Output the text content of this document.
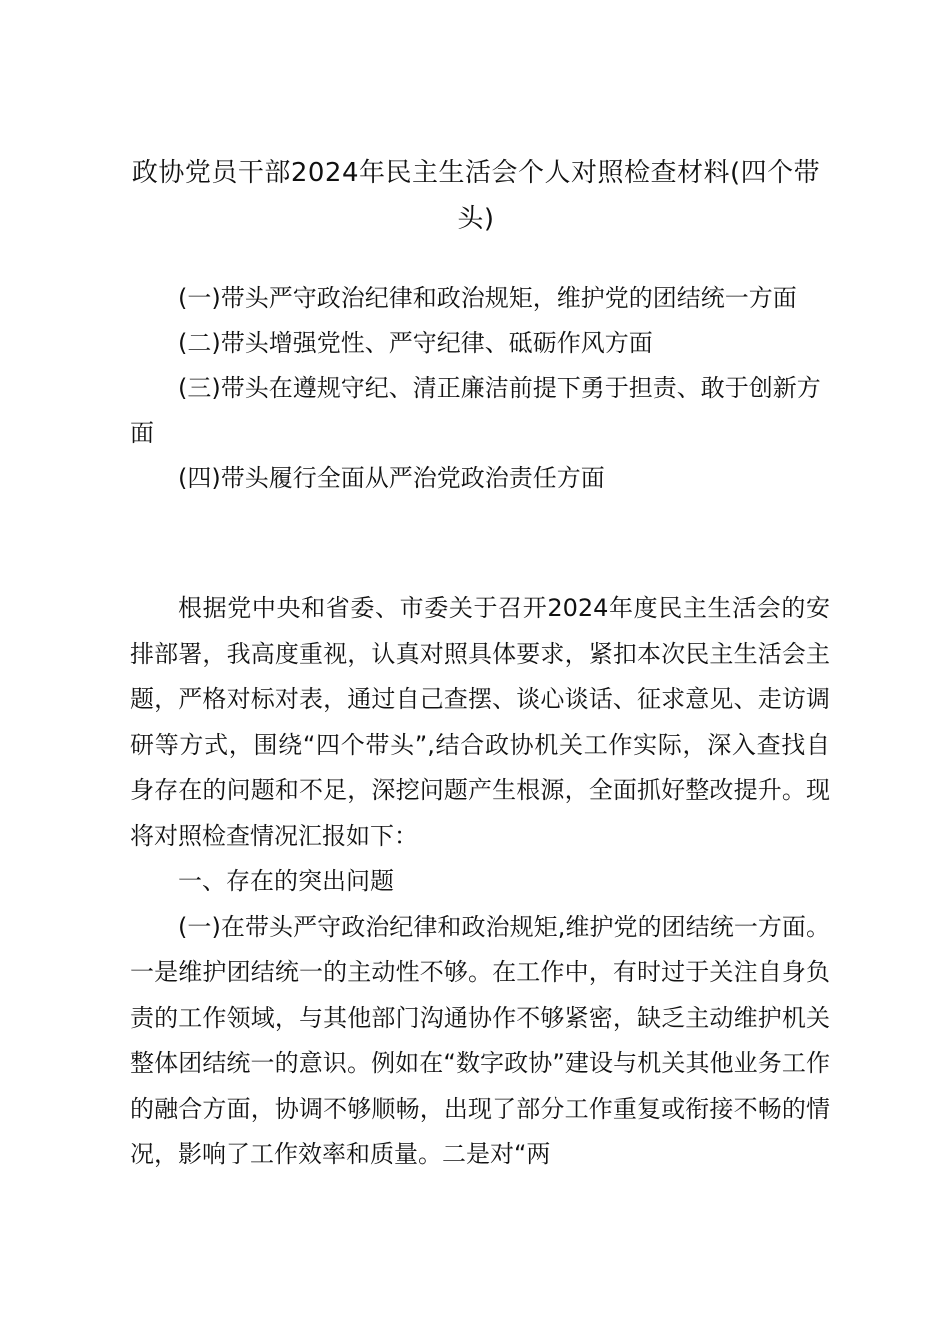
政协党员干部2024年民主生活会个人对照检查材料(四个带头)
(一)带头严守政治纪律和政治规矩，维护党的团结统一方面
(二)带头增强党性、严守纪律、砥砺作风方面
(三)带头在遵规守纪、清正廉洁前提下勇于担责、敢于创新方面
(四)带头履行全面从严治党政治责任方面

根据党中央和省委、市委关于召开2024年度民主生活会的安排部署，我高度重视，认真对照具体要求，紧扣本次民主生活会主题，严格对标对表，通过自己查摆、谈心谈话、征求意见、走访调研等方式，围绕“四个带头”,结合政协机关工作实际，深入查找自身存在的问题和不足，深挖问题产生根源，全面抓好整改提升。现将对照检查情况汇报如下：

一、存在的突出问题

(一)在带头严守政治纪律和政治规矩,维护党的团结统一方面。一是维护团结统一的主动性不够。在工作中，有时过于关注自身负责的工作领域，与其他部门沟通协作不够紧密，缺乏主动维护机关整体团结统一的意识。例如在“数字政协”建设与机关其他业务工作的融合方面，协调不够顺畅，出现了部分工作重复或衔接不畅的情况，影响了工作效率和质量。二是对“两
